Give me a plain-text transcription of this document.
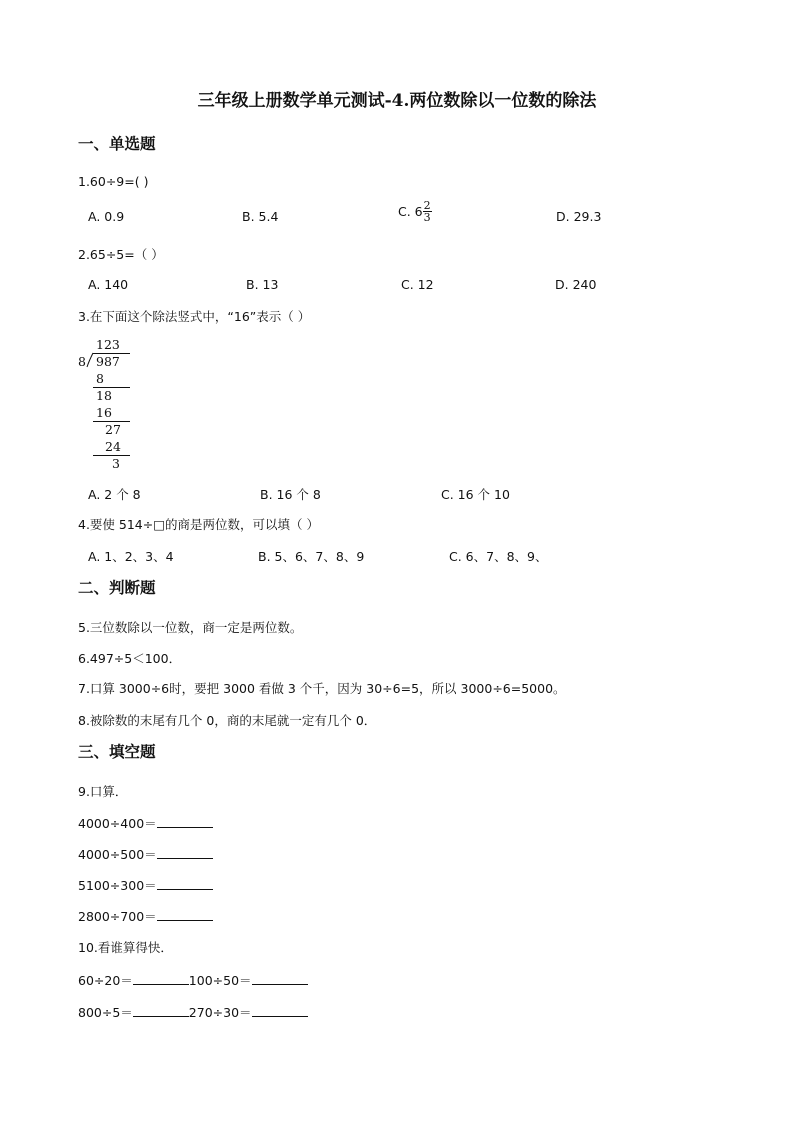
三年级上册数学单元测试-4.两位数除以一位数的除法
一、单选题
1.60÷9=( )
A. 0.9	B. 5.4	C. $6 \frac{2}{3}$	D. 29.3
2.65÷5=（ ）
A. 140	B. 13	C. 12	D. 240
3.在下面这个除法竖式中，“16”表示（ ）
123
8 987
8
18
16
27
24
3
A. 2 个 8	B. 16 个 8	C. 16 个 10
4.要使 514÷□的商是两位数，可以填（ ）
A. 1、2、3、4	B. 5、6、7、8、9	C. 6、7、8、9、
二、判断题
5.三位数除以一位数，商一定是两位数。
6.497÷5＜100．
7.口算 3000÷6时，要把 3000 看做 3 个千，因为 30÷6=5，所以 3000÷6=5000。
8.被除数的末尾有几个 0，商的末尾就一定有几个 0．
三、填空题
9.口算．
4000÷400＝
4000÷500＝
5100÷300＝
2800÷700＝
10.看谁算得快．
60÷20＝	100÷50＝
800÷5＝	270÷30＝
